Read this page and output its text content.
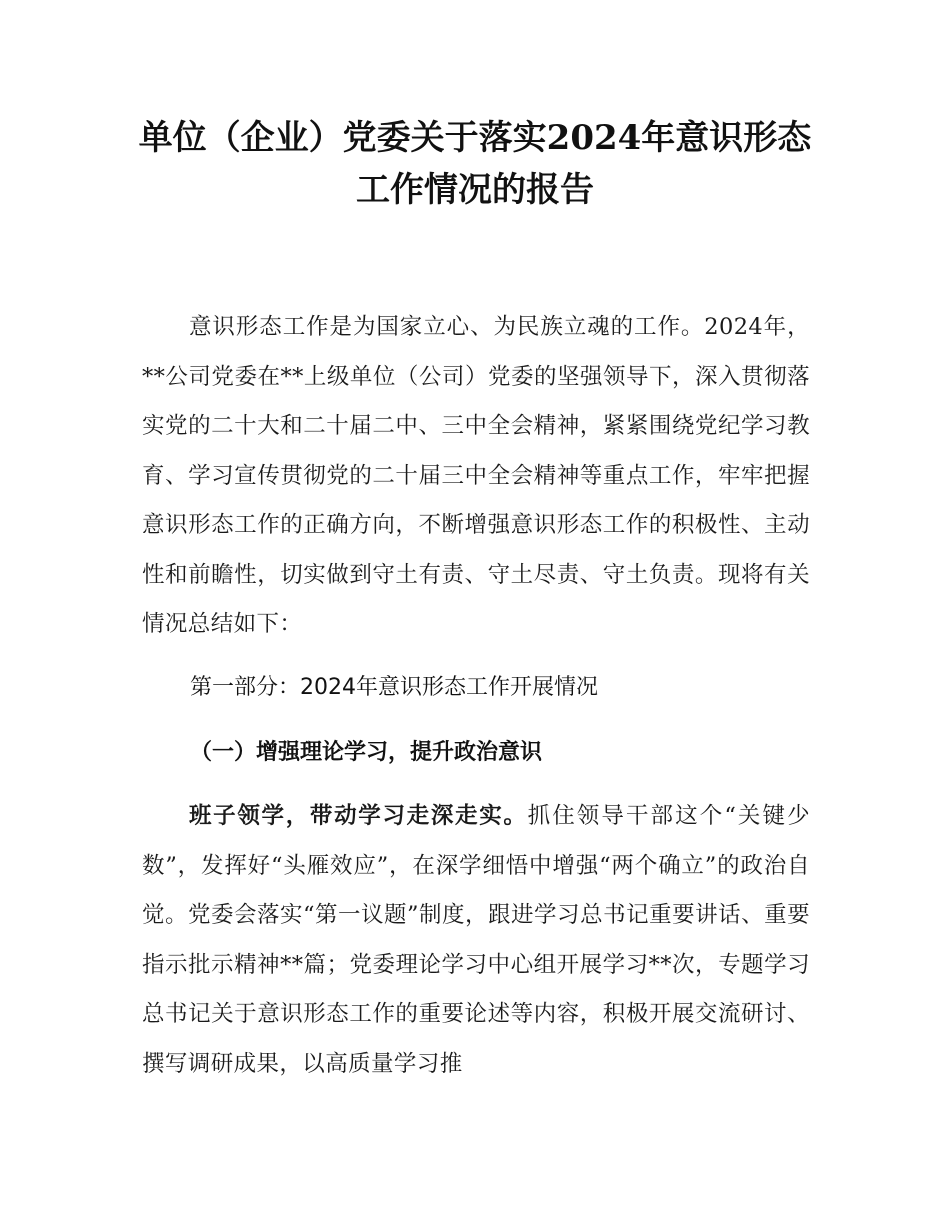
单位（企业）党委关于落实2024年意识形态
工作情况的报告
意识形态工作是为国家立心、为民族立魂的工作。2024年，**公司党委在**上级单位（公司）党委的坚强领导下，深入贯彻落实党的二十大和二十届二中、三中全会精神，紧紧围绕党纪学习教育、学习宣传贯彻党的二十届三中全会精神等重点工作，牢牢把握意识形态工作的正确方向，不断增强意识形态工作的积极性、主动性和前瞻性，切实做到守土有责、守土尽责、守土负责。现将有关情况总结如下：
第一部分：2024年意识形态工作开展情况
（一）增强理论学习，提升政治意识
班子领学，带动学习走深走实。抓住领导干部这个“关键少数”，发挥好“头雁效应”，在深学细悟中增强“两个确立”的政治自觉。党委会落实“第一议题”制度，跟进学习总书记重要讲话、重要指示批示精神**篇；党委理论学习中心组开展学习**次，专题学习总书记关于意识形态工作的重要论述等内容，积极开展交流研讨、撰写调研成果，以高质量学习推
